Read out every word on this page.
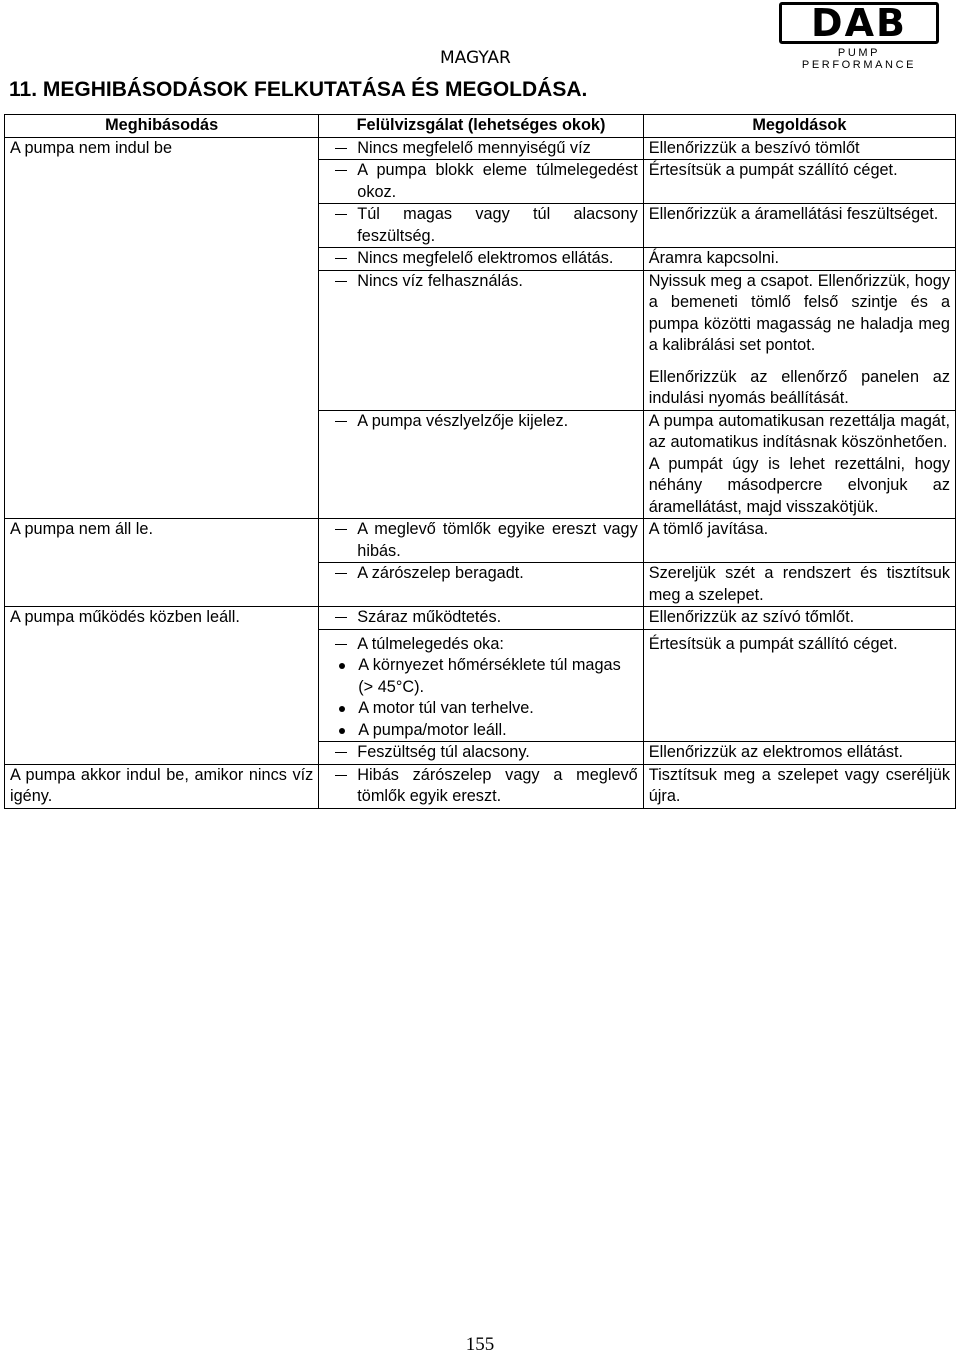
DAB
PUMP PERFORMANCE
MAGYAR
11. MEGHIBÁSODÁSOK FELKUTATÁSA ÉS MEGOLDÁSA.
Meghibásodás	Felülvizsgálat (lehetséges okok)	Megoldások
A pumpa nem indul be	Nincs megfelelő mennyiségű víz	Ellenőrizzük a beszívó tömlőt

	A pumpa blokk eleme túlmelegedést okoz.	Értesítsük a pumpát szállító céget.

	Túl magas vagy túl alacsony feszültség.	Ellenőrizzük a áramellátási feszültséget.

	Nincs megfelelő elektromos ellátás.	Áramra kapcsolni.

	Nincs víz felhasználás.	Nyissuk meg a csapot. Ellenőrizzük, hogy a bemeneti tömlő felső szintje és a pumpa közötti magasság ne haladja meg a kalibrálási set pontot.
Ellenőrizzük az ellenőrző panelen az indulási nyomás beállítását.

	A pumpa vészlyelzője kijelez.	A pumpa automatikusan rezettálja magát, az automatikus indításnak köszönhetően.
A pumpát úgy is lehet rezettálni, hogy néhány másodpercre elvonjuk az áramellátást, majd visszakötjük.

A pumpa nem áll le.	A meglevő tömlők egyike ereszt vagy hibás.	A tömlő javítása.

	A zárószelep beragadt.	Szereljük szét a rendszert és tisztítsuk meg a szelepet.

A pumpa működés közben leáll.	Száraz működtetés.	Ellenőrizzük az szívó tőmlőt.

	A túlmelegedés oka:
A környezet hőmérséklete túl magas
(> 45°C).
A motor túl van terhelve.
A pumpa/motor leáll.	Értesítsük a pumpát szállító céget.

	Feszültség túl alacsony.	Ellenőrizzük az elektromos ellátást.

A pumpa akkor indul be, amikor nincs víz igény.	Hibás zárószelep vagy a meglevő tömlők egyik ereszt.	Tisztítsuk meg a szelepet vagy cseréljük újra.
155
